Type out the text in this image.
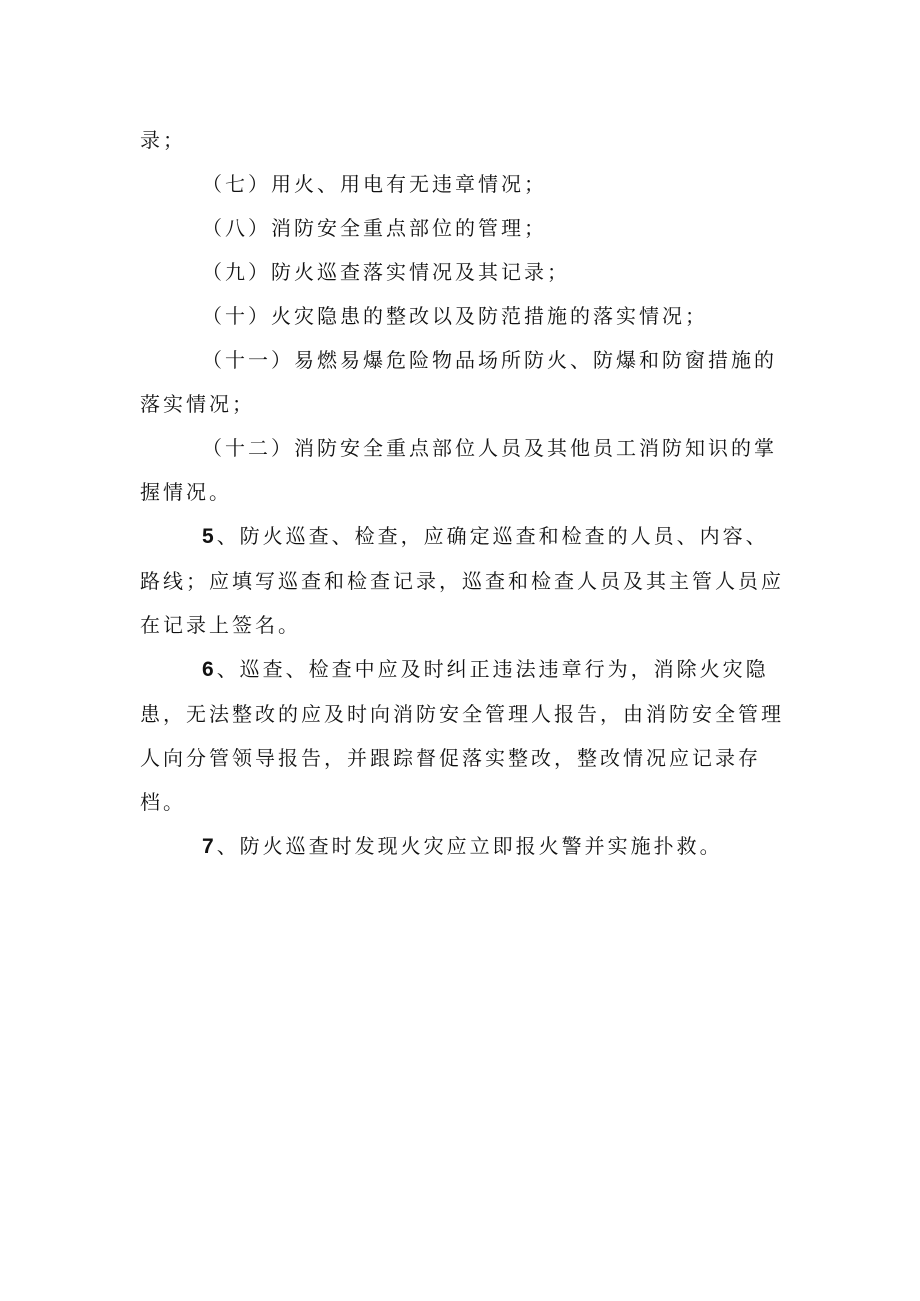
录；

（七）用火、用电有无违章情况；

（八）消防安全重点部位的管理；

（九）防火巡查落实情况及其记录；

（十）火灾隐患的整改以及防范措施的落实情况；

（十一）易燃易爆危险物品场所防火、防爆和防窗措施的落实情况；

（十二）消防安全重点部位人员及其他员工消防知识的掌握情况。

5、防火巡查、检查，应确定巡查和检查的人员、内容、路线；应填写巡查和检查记录，巡查和检查人员及其主管人员应在记录上签名。

6、巡查、检查中应及时纠正违法违章行为，消除火灾隐患，无法整改的应及时向消防安全管理人报告，由消防安全管理人向分管领导报告，并跟踪督促落实整改，整改情况应记录存档。

7、防火巡查时发现火灾应立即报火警并实施扑救。
